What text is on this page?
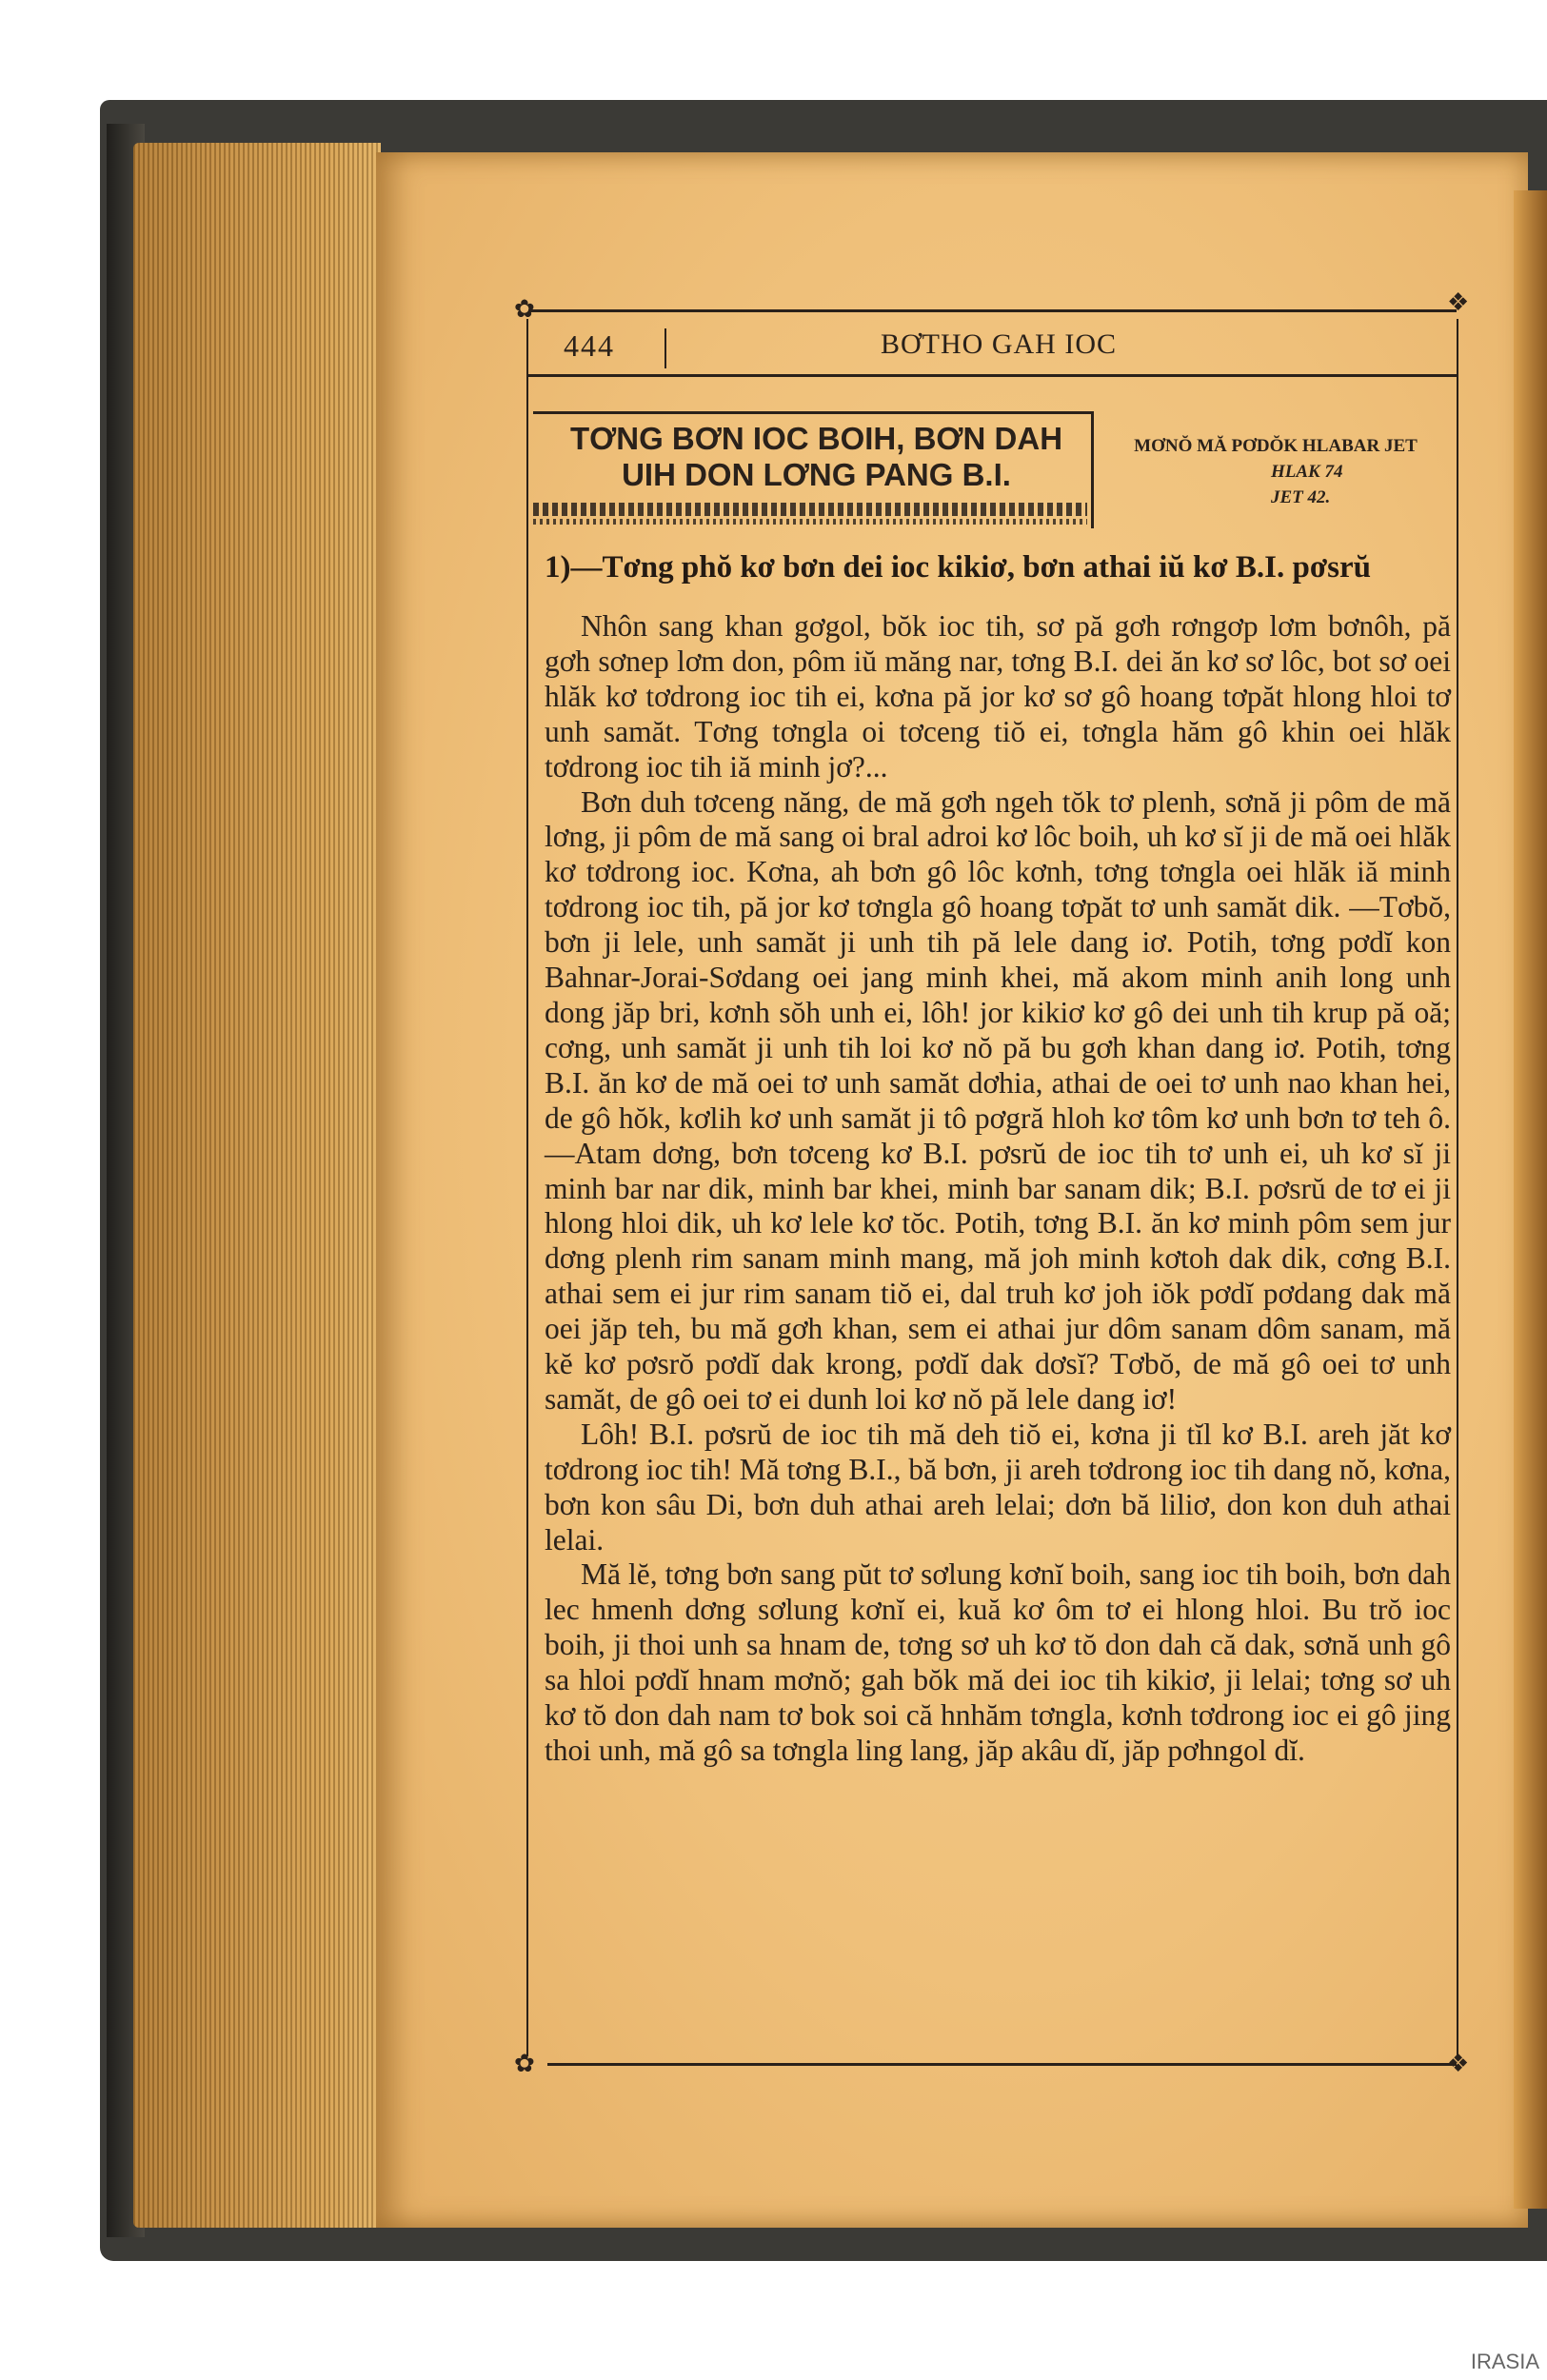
✿	❖
✿	❖
444	BƠTHO GAH IOC
TƠNG BƠN IOC BOIH, BƠN DAH UIH DON LƠNG PANG B.I.
MƠNŎ MĂ PƠDŎK HLABAR JET
HLAK 74
JET 42.
1)—Tơng phŏ kơ bơn dei ioc kikiơ, bơn athai iŭ kơ B.I. pơsrŭ

Nhôn sang khan gơgol, bŏk ioc tih, sơ pă gơh rơngơp lơm bơnôh, pă gơh sơnep lơm don, pôm iŭ măng nar, tơng B.I. dei ăn kơ sơ lôc, bot sơ oei hlăk kơ tơdrong ioc tih ei, kơna pă jor kơ sơ gô hoang tơpăt hlong hloi tơ unh samăt. Tơng tơngla oi tơceng tiŏ ei, tơngla hăm gô khin oei hlăk tơdrong ioc tih iă minh jơ?...

Bơn duh tơceng năng, de mă gơh ngeh tŏk tơ plenh, sơnă ji pôm de mă lơng, ji pôm de mă sang oi bral adroi kơ lôc boih, uh kơ sĭ ji de mă oei hlăk kơ tơdrong ioc. Kơna, ah bơn gô lôc kơnh, tơng tơngla oei hlăk iă minh tơdrong ioc tih, pă jor kơ tơngla gô hoang tơpăt tơ unh samăt dik. —Tơbŏ, bơn ji lele, unh samăt ji unh tih pă lele dang iơ. Potih, tơng pơdĭ kon Bahnar-Jorai-Sơdang oei jang minh khei, mă akom minh anih long unh dong jăp bri, kơnh sŏh unh ei, lôh! jor kikiơ kơ gô dei unh tih krup pă oă; cơng, unh samăt ji unh tih loi kơ nŏ pă bu gơh khan dang iơ. Potih, tơng B.I. ăn kơ de mă oei tơ unh samăt dơhia, athai de oei tơ unh nao khan hei, de gô hŏk, kơlih kơ unh samăt ji tô pơgră hloh kơ tôm kơ unh bơn tơ teh ô.—Atam dơng, bơn tơceng kơ B.I. pơsrŭ de ioc tih tơ unh ei, uh kơ sĭ ji minh bar nar dik, minh bar khei, minh bar sanam dik; B.I. pơsrŭ de tơ ei ji hlong hloi dik, uh kơ lele kơ tŏc. Potih, tơng B.I. ăn kơ minh pôm sem jur dơng plenh rim sanam minh mang, mă joh minh kơtoh dak dik, cơng B.I. athai sem ei jur rim sanam tiŏ ei, dal truh kơ joh iŏk pơdĭ pơdang dak mă oei jăp teh, bu mă gơh khan, sem ei athai jur dôm sanam dôm sanam, mă kĕ kơ pơsrŏ pơdĭ dak krong, pơdĭ dak dơsĭ? Tơbŏ, de mă gô oei tơ unh samăt, de gô oei tơ ei dunh loi kơ nŏ pă lele dang iơ!

Lôh! B.I. pơsrŭ de ioc tih mă deh tiŏ ei, kơna ji tĭl kơ B.I. areh jăt kơ tơdrong ioc tih! Mă tơng B.I., bă bơn, ji areh tơdrong ioc tih dang nŏ, kơna, bơn kon sâu Di, bơn duh athai areh lelai; dơn bă liliơ, don kon duh athai lelai.

Mă lĕ, tơng bơn sang pŭt tơ sơlung kơnĭ boih, sang ioc tih boih, bơn dah lec hmenh dơng sơlung kơnĭ ei, kuă kơ ôm tơ ei hlong hloi. Bu trŏ ioc boih, ji thoi unh sa hnam de, tơng sơ uh kơ tŏ don dah că dak, sơnă unh gô sa hloi pơdĭ hnam mơnŏ; gah bŏk mă dei ioc tih kikiơ, ji lelai; tơng sơ uh kơ tŏ don dah nam tơ bok soi că hnhăm tơngla, kơnh tơdrong ioc ei gô jing thoi unh, mă gô sa tơngla ling lang, jăp akâu dĭ, jăp pơhngol dĭ.

IRASIA
